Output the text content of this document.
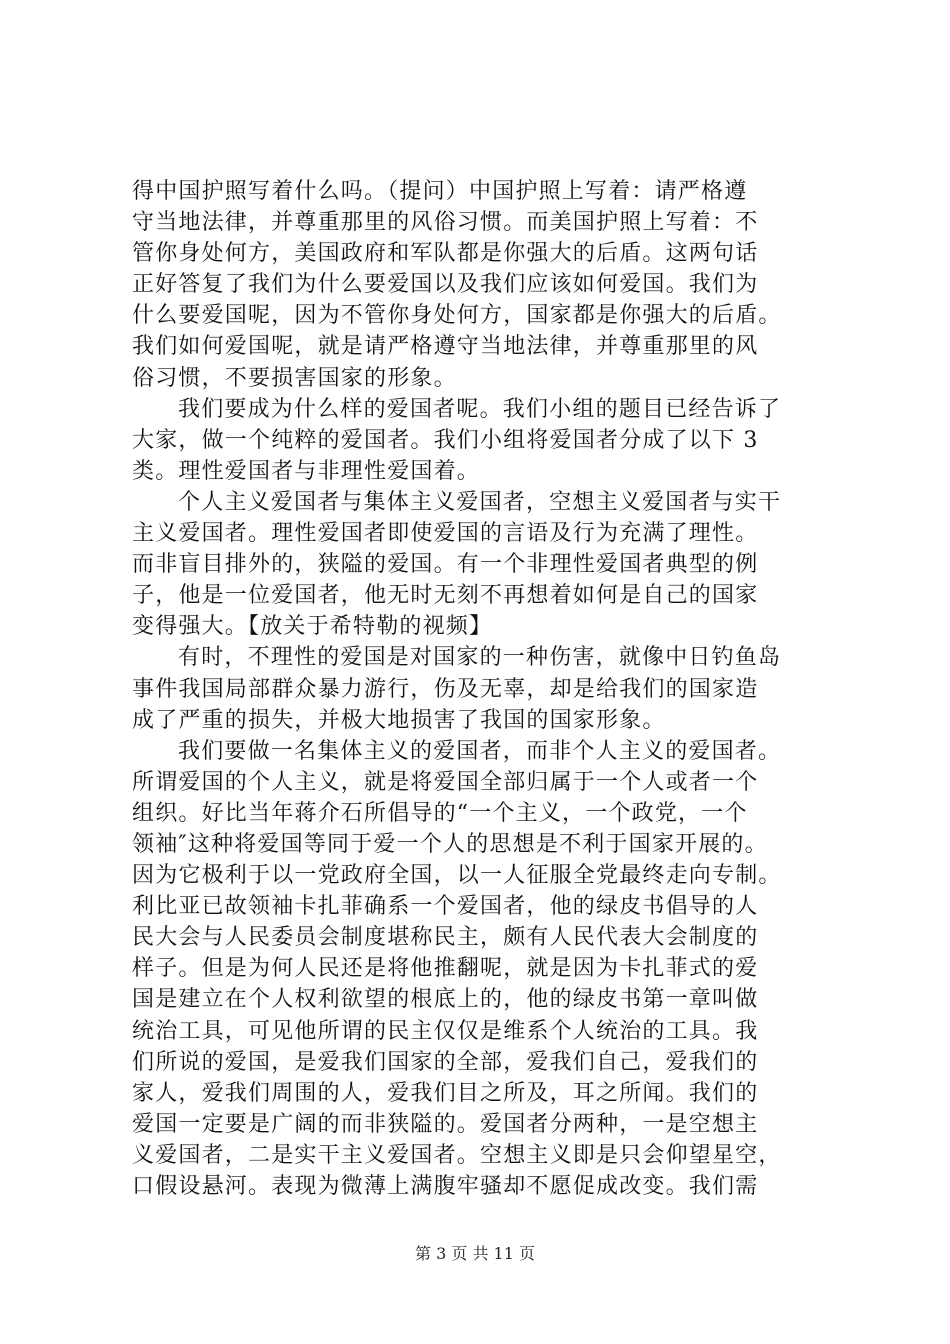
得中国护照写着什么吗。（提问）中国护照上写着：请严格遵
守当地法律，并尊重那里的风俗习惯。而美国护照上写着：不
管你身处何方，美国政府和军队都是你强大的后盾。这两句话
正好答复了我们为什么要爱国以及我们应该如何爱国。我们为
什么要爱国呢，因为不管你身处何方，国家都是你强大的后盾。
我们如何爱国呢，就是请严格遵守当地法律，并尊重那里的风
俗习惯，不要损害国家的形象。
我们要成为什么样的爱国者呢。我们小组的题目已经告诉了
大家，做一个纯粹的爱国者。我们小组将爱国者分成了以下 3
类。理性爱国者与非理性爱国着。
个人主义爱国者与集体主义爱国者，空想主义爱国者与实干
主义爱国者。理性爱国者即使爱国的言语及行为充满了理性。
而非盲目排外的，狭隘的爱国。有一个非理性爱国者典型的例
子，他是一位爱国者，他无时无刻不再想着如何是自己的国家
变得强大。【放关于希特勒的视频】
有时，不理性的爱国是对国家的一种伤害，就像中日钓鱼岛
事件我国局部群众暴力游行，伤及无辜，却是给我们的国家造
成了严重的损失，并极大地损害了我国的国家形象。
我们要做一名集体主义的爱国者，而非个人主义的爱国者。
所谓爱国的个人主义，就是将爱国全部归属于一个人或者一个
组织。好比当年蒋介石所倡导的“一个主义，一个政党，一个
领袖″这种将爱国等同于爱一个人的思想是不利于国家开展的。
因为它极利于以一党政府全国，以一人征服全党最终走向专制。
利比亚已故领袖卡扎菲确系一个爱国者，他的绿皮书倡导的人
民大会与人民委员会制度堪称民主，颇有人民代表大会制度的
样子。但是为何人民还是将他推翻呢，就是因为卡扎菲式的爱
国是建立在个人权利欲望的根底上的，他的绿皮书第一章叫做
统治工具，可见他所谓的民主仅仅是维系个人统治的工具。我
们所说的爱国，是爱我们国家的全部，爱我们自己，爱我们的
家人，爱我们周围的人，爱我们目之所及，耳之所闻。我们的
爱国一定要是广阔的而非狭隘的。爱国者分两种，一是空想主
义爱国者，二是实干主义爱国者。空想主义即是只会仰望星空，
口假设悬河。表现为微薄上满腹牢骚却不愿促成改变。我们需
第 3 页 共 11 页
